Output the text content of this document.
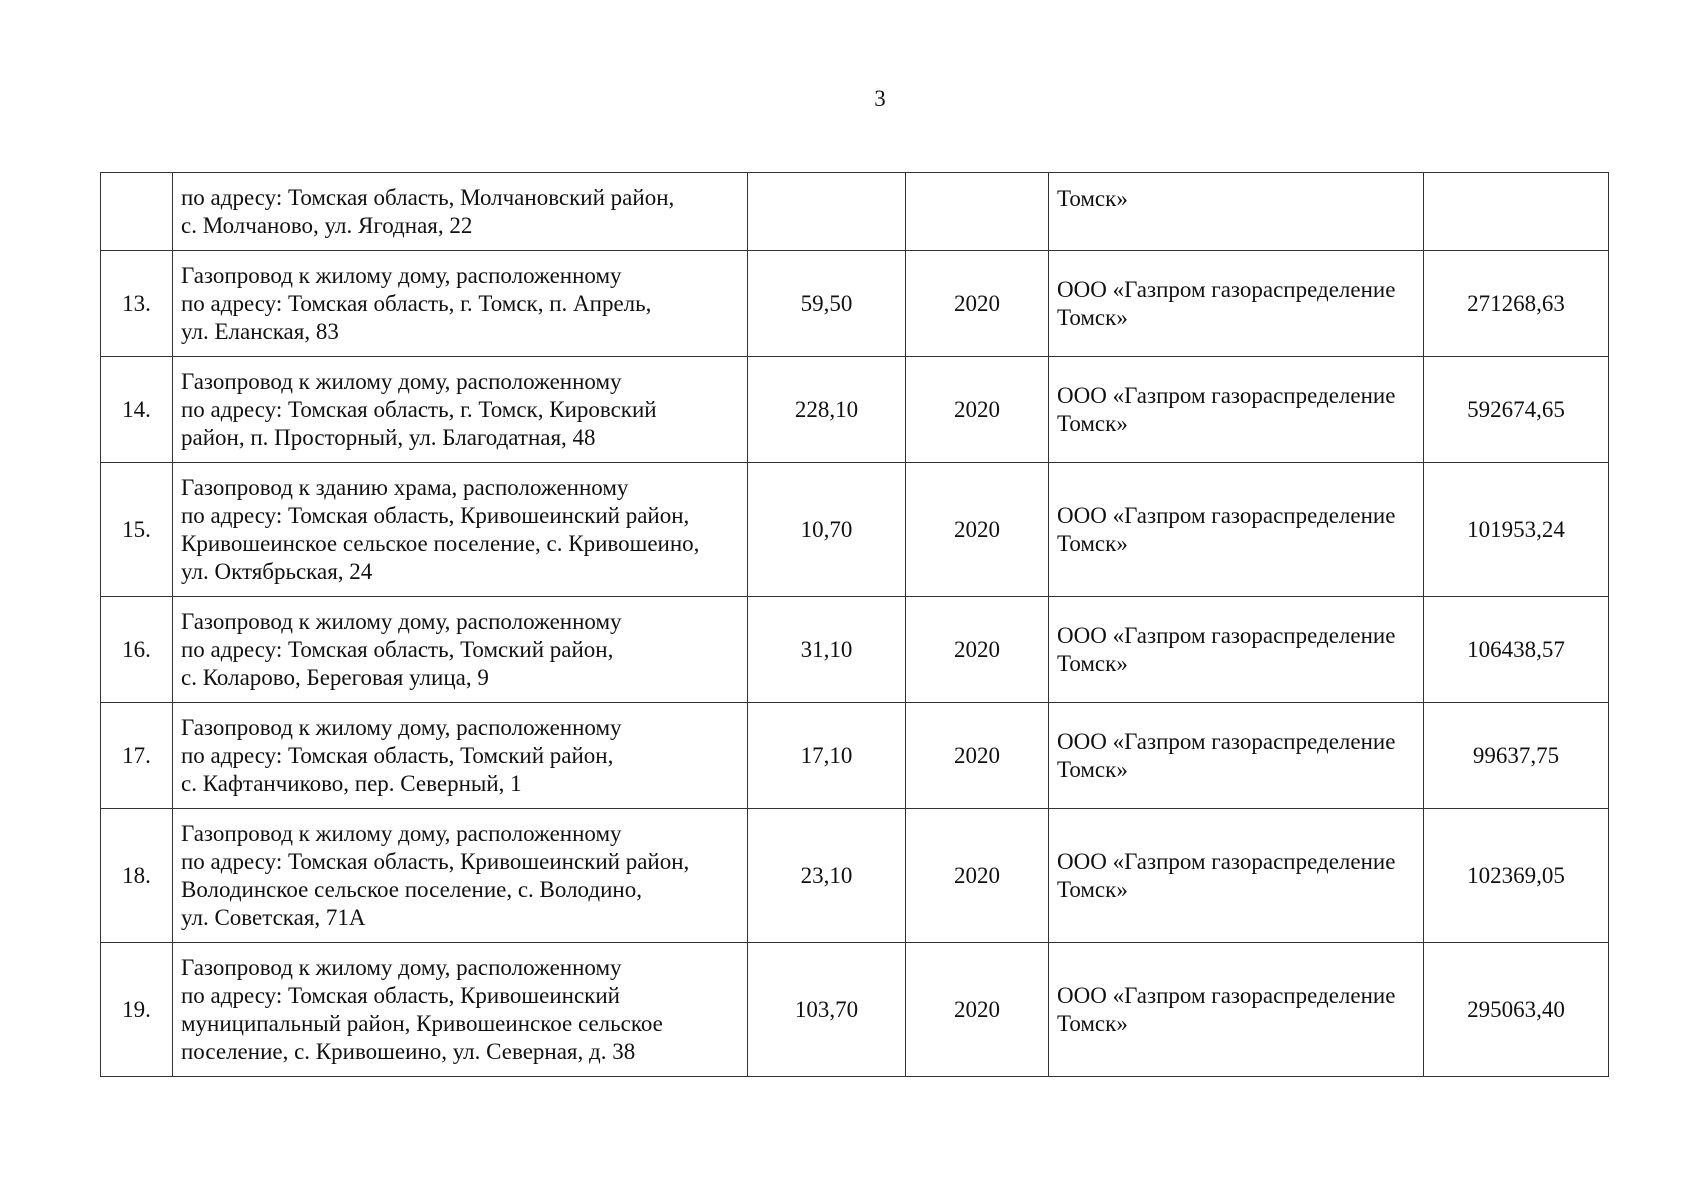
3

	по адресу: Томская область, Молчановский район,
с. Молчаново, ул. Ягодная, 22			Томск»	

13.	Газопровод к жилому дому, расположенному
по адресу: Томская область, г. Томск, п. Апрель,
ул. Еланская, 83	59,50	2020	ООО «Газпром газораспределение
Томск»	271268,63
14.	Газопровод к жилому дому, расположенному
по адресу: Томская область, г. Томск, Кировский
район, п. Просторный, ул. Благодатная, 48	228,10	2020	ООО «Газпром газораспределение
Томск»	592674,65
15.	Газопровод к зданию храма, расположенному
по адресу: Томская область, Кривошеинский район,
Кривошеинское сельское поселение, с. Кривошеино,
ул. Октябрьская, 24	10,70	2020	ООО «Газпром газораспределение
Томск»	101953,24
16.	Газопровод к жилому дому, расположенному
по адресу: Томская область, Томский район,
с. Коларово, Береговая улица, 9	31,10	2020	ООО «Газпром газораспределение
Томск»	106438,57
17.	Газопровод к жилому дому, расположенному
по адресу: Томская область, Томский район,
с. Кафтанчиково, пер. Северный, 1	17,10	2020	ООО «Газпром газораспределение
Томск»	99637,75
18.	Газопровод к жилому дому, расположенному
по адресу: Томская область, Кривошеинский район,
Володинское сельское поселение, с. Володино,
ул. Советская, 71А	23,10	2020	ООО «Газпром газораспределение
Томск»	102369,05
19.	Газопровод к жилому дому, расположенному
по адресу: Томская область, Кривошеинский
муниципальный район, Кривошеинское сельское
поселение, с. Кривошеино, ул. Северная, д. 38	103,70	2020	ООО «Газпром газораспределение
Томск»	295063,40
